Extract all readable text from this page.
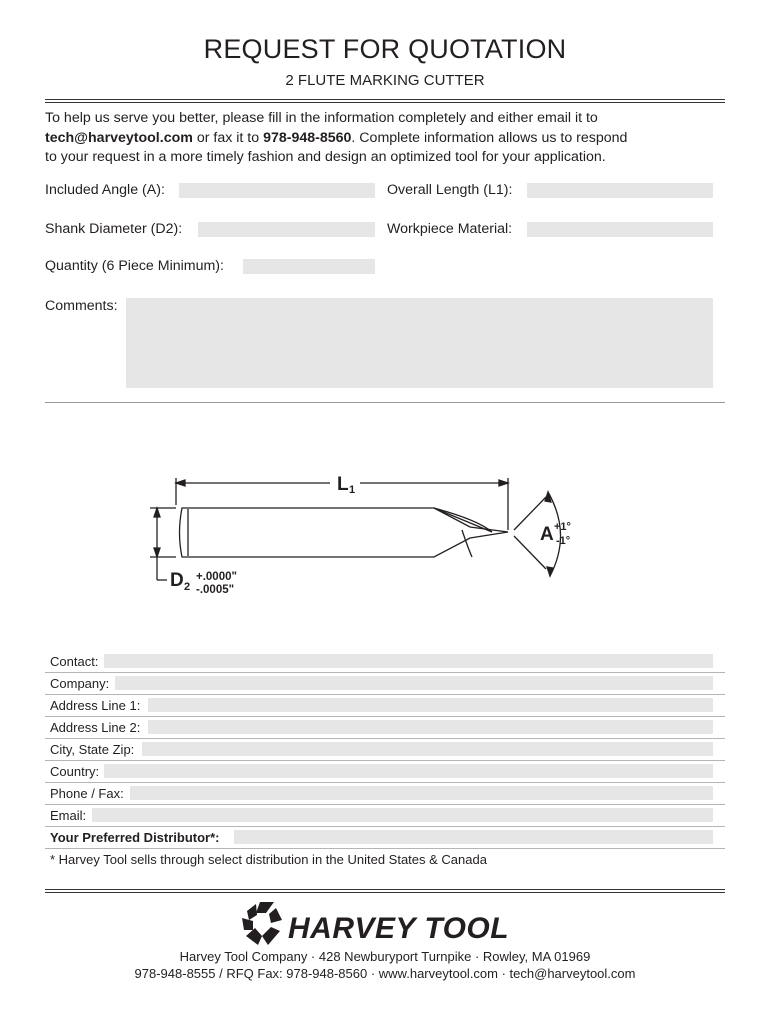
REQUEST FOR QUOTATION
2 FLUTE MARKING CUTTER
To help us serve you better, please fill in the information completely and either email it to
tech@harveytool.com or fax it to 978-948-8560. Complete information allows us to respond
to your request in a more timely fashion and design an optimized tool for your application.
Included Angle (A):	Overall Length (L1):
Shank Diameter (D2):	Workpiece Material:
Quantity (6 Piece Minimum):
Comments:
L 1
D 2
+.0000"
-.0005"
A +1°
-1°
Contact:
Company:
Address Line 1:
Address Line 2:
City, State Zip:
Country:
Phone / Fax:
Email:
Your Preferred Distributor*:
* Harvey Tool sells through select distribution in the United States & Canada
HARVEY TOOL
Harvey Tool Company · 428 Newburyport Turnpike · Rowley, MA 01969
978-948-8555 / RFQ Fax: 978-948-8560 · www.harveytool.com · tech@harveytool.com
